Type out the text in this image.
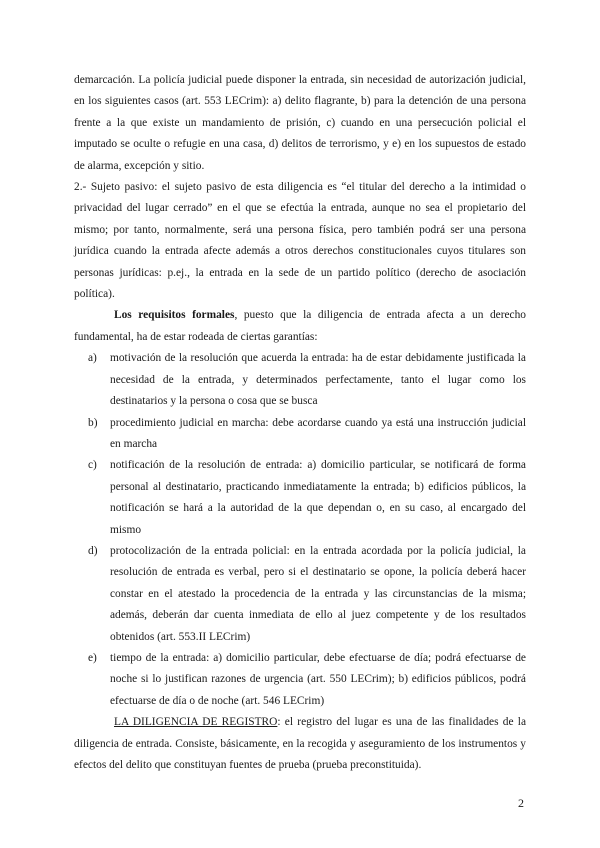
demarcación. La policía judicial puede disponer la entrada, sin necesidad de autorización judicial, en los siguientes casos (art. 553 LECrim): a) delito flagrante, b) para la detención de una persona frente a la que existe un mandamiento de prisión, c) cuando en una persecución policial el imputado se oculte o refugie en una casa, d) delitos de terrorismo, y e) en los supuestos de estado de alarma, excepción y sitio.

2.- Sujeto pasivo: el sujeto pasivo de esta diligencia es “el titular del derecho a la intimidad o privacidad del lugar cerrado” en el que se efectúa la entrada, aunque no sea el propietario del mismo; por tanto, normalmente, será una persona física, pero también podrá ser una persona jurídica cuando la entrada afecte además a otros derechos constitucionales cuyos titulares son personas jurídicas: p.ej., la entrada en la sede de un partido político (derecho de asociación política).

Los requisitos formales, puesto que la diligencia de entrada afecta a un derecho fundamental, ha de estar rodeada de ciertas garantías:

a) motivación de la resolución que acuerda la entrada: ha de estar debidamente justificada la necesidad de la entrada, y determinados perfectamente, tanto el lugar como los destinatarios y la persona o cosa que se busca
b) procedimiento judicial en marcha: debe acordarse cuando ya está una instrucción judicial en marcha
c) notificación de la resolución de entrada: a) domicilio particular, se notificará de forma personal al destinatario, practicando inmediatamente la entrada; b) edificios públicos, la notificación se hará a la autoridad de la que dependan o, en su caso, al encargado del mismo
d) protocolización de la entrada policial: en la entrada acordada por la policía judicial, la resolución de entrada es verbal, pero si el destinatario se opone, la policía deberá hacer constar en el atestado la procedencia de la entrada y las circunstancias de la misma; además, deberán dar cuenta inmediata de ello al juez competente y de los resultados obtenidos (art. 553.II LECrim)
e) tiempo de la entrada: a) domicilio particular, debe efectuarse de día; podrá efectuarse de noche si lo justifican razones de urgencia (art. 550 LECrim); b) edificios públicos, podrá efectuarse de día o de noche (art. 546 LECrim)

LA DILIGENCIA DE REGISTRO: el registro del lugar es una de las finalidades de la diligencia de entrada. Consiste, básicamente, en la recogida y aseguramiento de los instrumentos y efectos del delito que constituyan fuentes de prueba (prueba preconstituida).

2
